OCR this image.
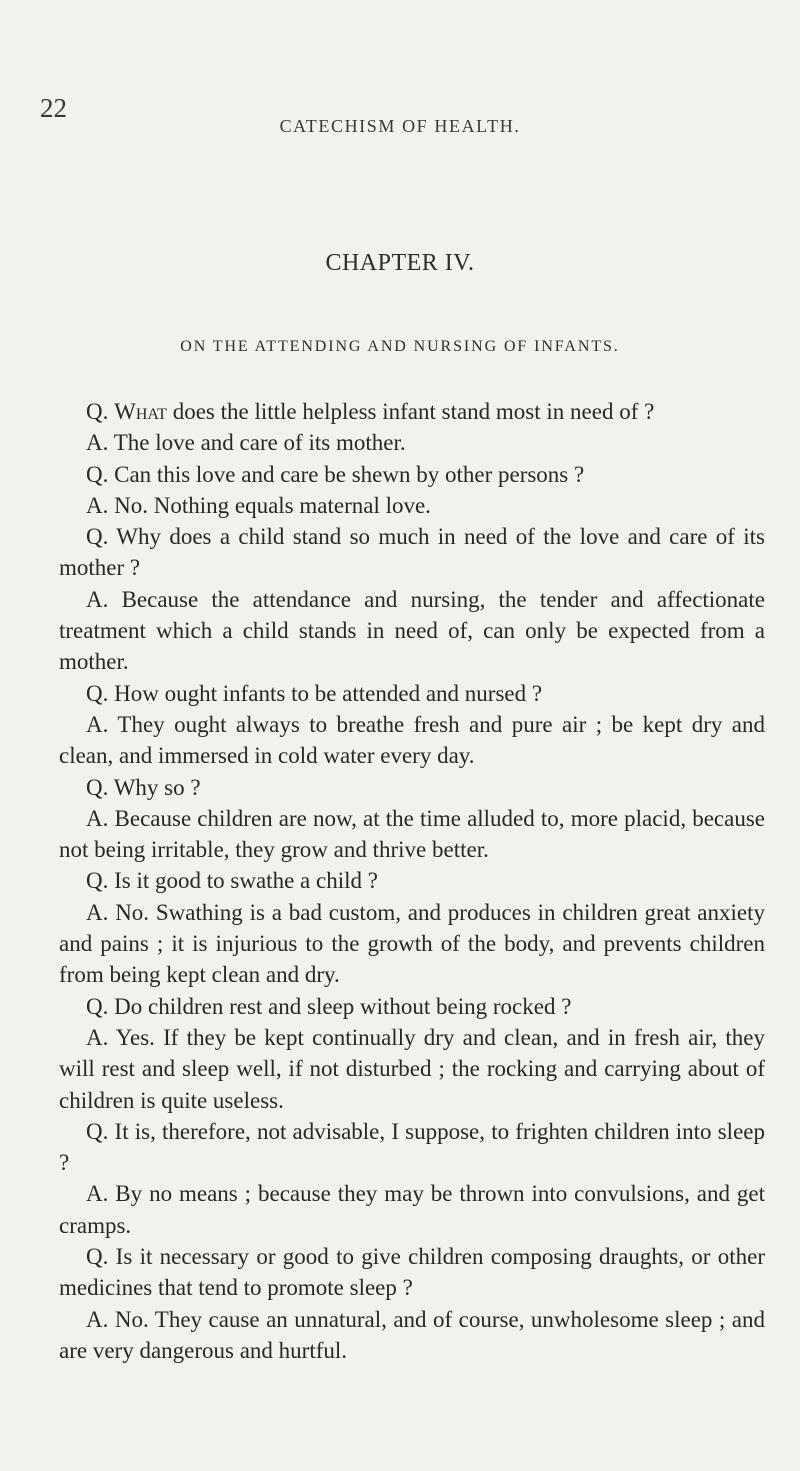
22
CATECHISM OF HEALTH.
CHAPTER IV.
ON THE ATTENDING AND NURSING OF INFANTS.

Q. What does the little helpless infant stand most in need of ?

A. The love and care of its mother.

Q. Can this love and care be shewn by other persons ?

A. No. Nothing equals maternal love.

Q. Why does a child stand so much in need of the love and care of its mother ?

A. Because the attendance and nursing, the tender and affectionate treatment which a child stands in need of, can only be expected from a mother.

Q. How ought infants to be attended and nursed ?

A. They ought always to breathe fresh and pure air ; be kept dry and clean, and immersed in cold water every day.

Q. Why so ?

A. Because children are now, at the time alluded to, more placid, because not being irritable, they grow and thrive better.

Q. Is it good to swathe a child ?

A. No. Swathing is a bad custom, and produces in children great anxiety and pains ; it is injurious to the growth of the body, and prevents children from being kept clean and dry.

Q. Do children rest and sleep without being rocked ?

A. Yes. If they be kept continually dry and clean, and in fresh air, they will rest and sleep well, if not disturbed ; the rocking and carrying about of children is quite useless.

Q. It is, therefore, not advisable, I suppose, to frighten children into sleep ?

A. By no means ; because they may be thrown into convulsions, and get cramps.

Q. Is it necessary or good to give children composing draughts, or other medicines that tend to promote sleep ?

A. No. They cause an unnatural, and of course, unwholesome sleep ; and are very dangerous and hurtful.
